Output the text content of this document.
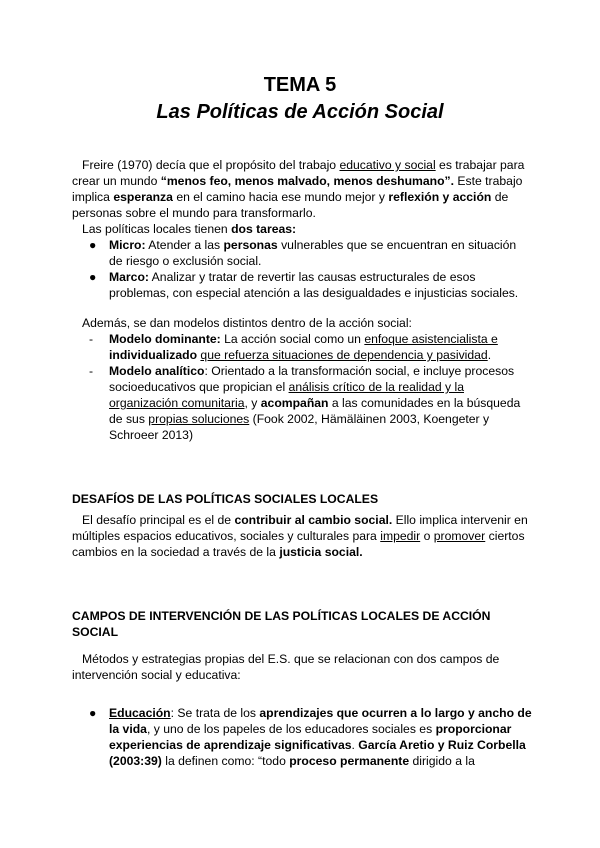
TEMA 5
Las Políticas de Acción Social

Freire (1970) decía que el propósito del trabajo educativo y social es trabajar para crear un mundo “menos feo, menos malvado, menos deshumano”. Este trabajo implica esperanza en el camino hacia ese mundo mejor y reflexión y acción de personas sobre el mundo para transformarlo.

Las políticas locales tienen dos tareas:

● Micro: Atender a las personas vulnerables que se encuentran en situación de riesgo o exclusión social.
● Marco: Analizar y tratar de revertir las causas estructurales de esos problemas, con especial atención a las desigualdades e injusticias sociales.

Además, se dan modelos distintos dentro de la acción social:

- Modelo dominante: La acción social como un enfoque asistencialista e individualizado que refuerza situaciones de dependencia y pasividad.
- Modelo analítico: Orientado a la transformación social, e incluye procesos socioeducativos que propician el análisis crítico de la realidad y la organización comunitaria, y acompañan a las comunidades en la búsqueda de sus propias soluciones (Fook 2002, Hämäläinen 2003, Koengeter y Schroeer 2013)
DESAFÍOS DE LAS POLÍTICAS SOCIALES LOCALES

El desafío principal es el de contribuir al cambio social. Ello implica intervenir en múltiples espacios educativos, sociales y culturales para impedir o promover ciertos cambios en la sociedad a través de la justicia social.

CAMPOS DE INTERVENCIÓN DE LAS POLÍTICAS LOCALES DE ACCIÓN SOCIAL

Métodos y estrategias propias del E.S. que se relacionan con dos campos de intervención social y educativa:

● Educación: Se trata de los aprendizajes que ocurren a lo largo y ancho de la vida, y uno de los papeles de los educadores sociales es proporcionar experiencias de aprendizaje significativas. García Aretio y Ruiz Corbella (2003:39) la definen como: “todo proceso permanente dirigido a la
